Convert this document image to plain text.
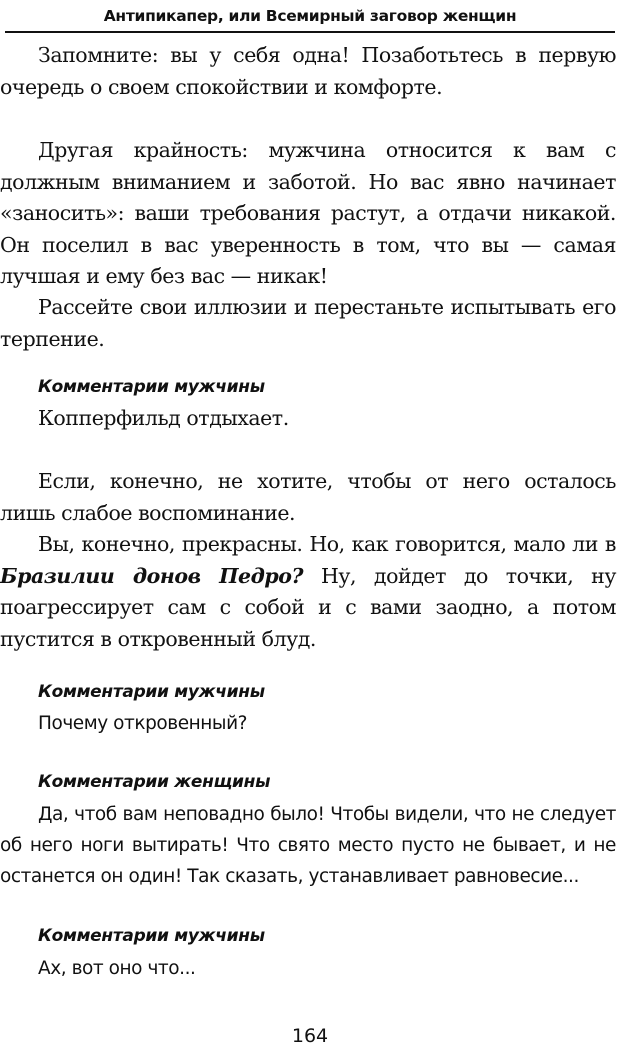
Антипикапер, или Всемирный заговор женщин

Запомните: вы у себя одна! Позаботьтесь в первую очередь о своем спокойствии и комфорте.

Другая крайность: мужчина относится к вам с должным вниманием и заботой. Но вас явно начинает «заносить»: ваши требования растут, а отдачи никакой. Он поселил в вас уверенность в том, что вы — самая лучшая и ему без вас — никак!

Рассейте свои иллюзии и перестаньте испытывать его терпение.

Комментарии мужчины

Копперфильд отдыхает.

Если, конечно, не хотите, чтобы от него осталось лишь слабое воспоминание.

Вы, конечно, прекрасны. Но, как говорится, мало ли в Бразилии донов Педро? Ну, дойдет до точки, ну поагрессирует сам с собой и с вами заодно, а потом пустится в откровенный блуд.

Комментарии мужчины

Почему откровенный?

Комментарии женщины

Да, чтоб вам неповадно было! Чтобы видели, что не следует об него ноги вытирать! Что свято место пусто не бывает, и не останется он один! Так сказать, устанавливает равновесие...

Комментарии мужчины

Ах, вот оно что...

164
